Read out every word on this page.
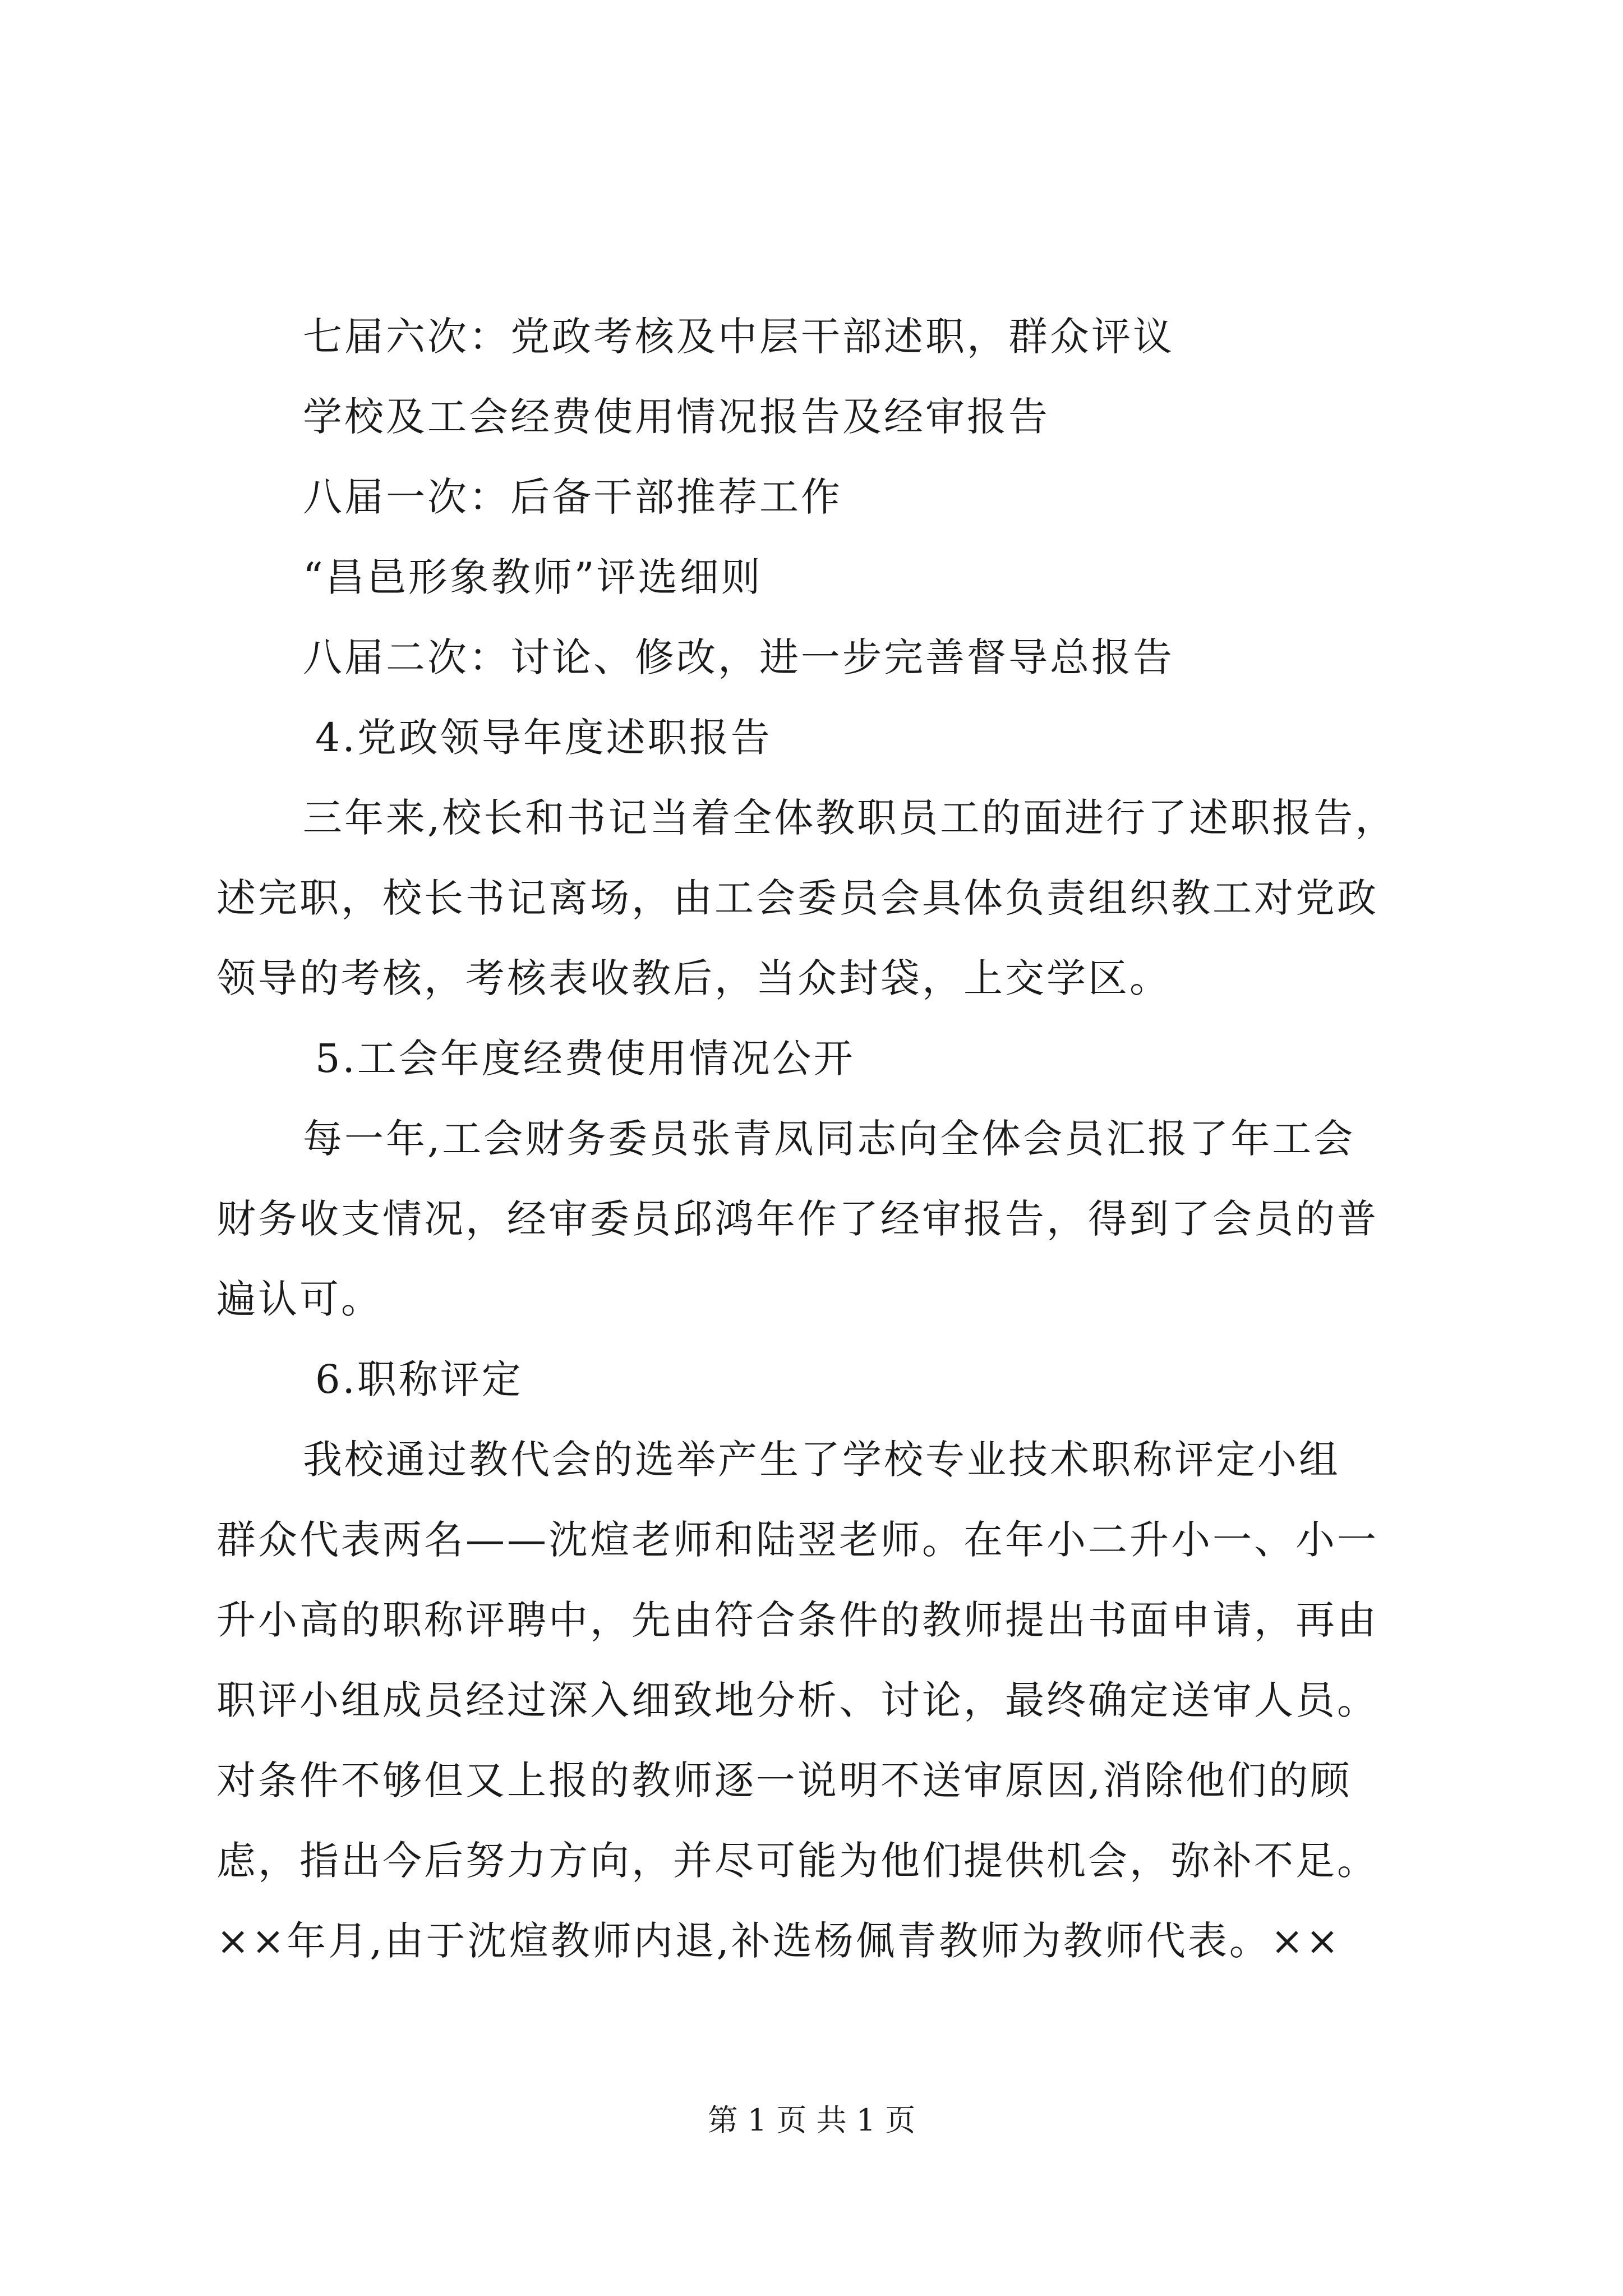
七届六次：党政考核及中层干部述职，群众评议
学校及工会经费使用情况报告及经审报告
八届一次：后备干部推荐工作
“昌邑形象教师”评选细则
八届二次：讨论、修改，进一步完善督导总报告
4.党政领导年度述职报告
三年来,校长和书记当着全体教职员工的面进行了述职报告，
述完职，校长书记离场，由工会委员会具体负责组织教工对党政
领导的考核，考核表收教后，当众封袋，上交学区。
5.工会年度经费使用情况公开
每一年,工会财务委员张青凤同志向全体会员汇报了年工会
财务收支情况，经审委员邱鸿年作了经审报告，得到了会员的普
遍认可。
6.职称评定
我校通过教代会的选举产生了学校专业技术职称评定小组
群众代表两名——沈煊老师和陆翌老师。在年小二升小一、小一
升小高的职称评聘中，先由符合条件的教师提出书面申请，再由
职评小组成员经过深入细致地分析、讨论，最终确定送审人员。
对条件不够但又上报的教师逐一说明不送审原因,消除他们的顾
虑，指出今后努力方向，并尽可能为他们提供机会，弥补不足。
××年月,由于沈煊教师内退,补选杨佩青教师为教师代表。××
第 1 页 共 1 页
